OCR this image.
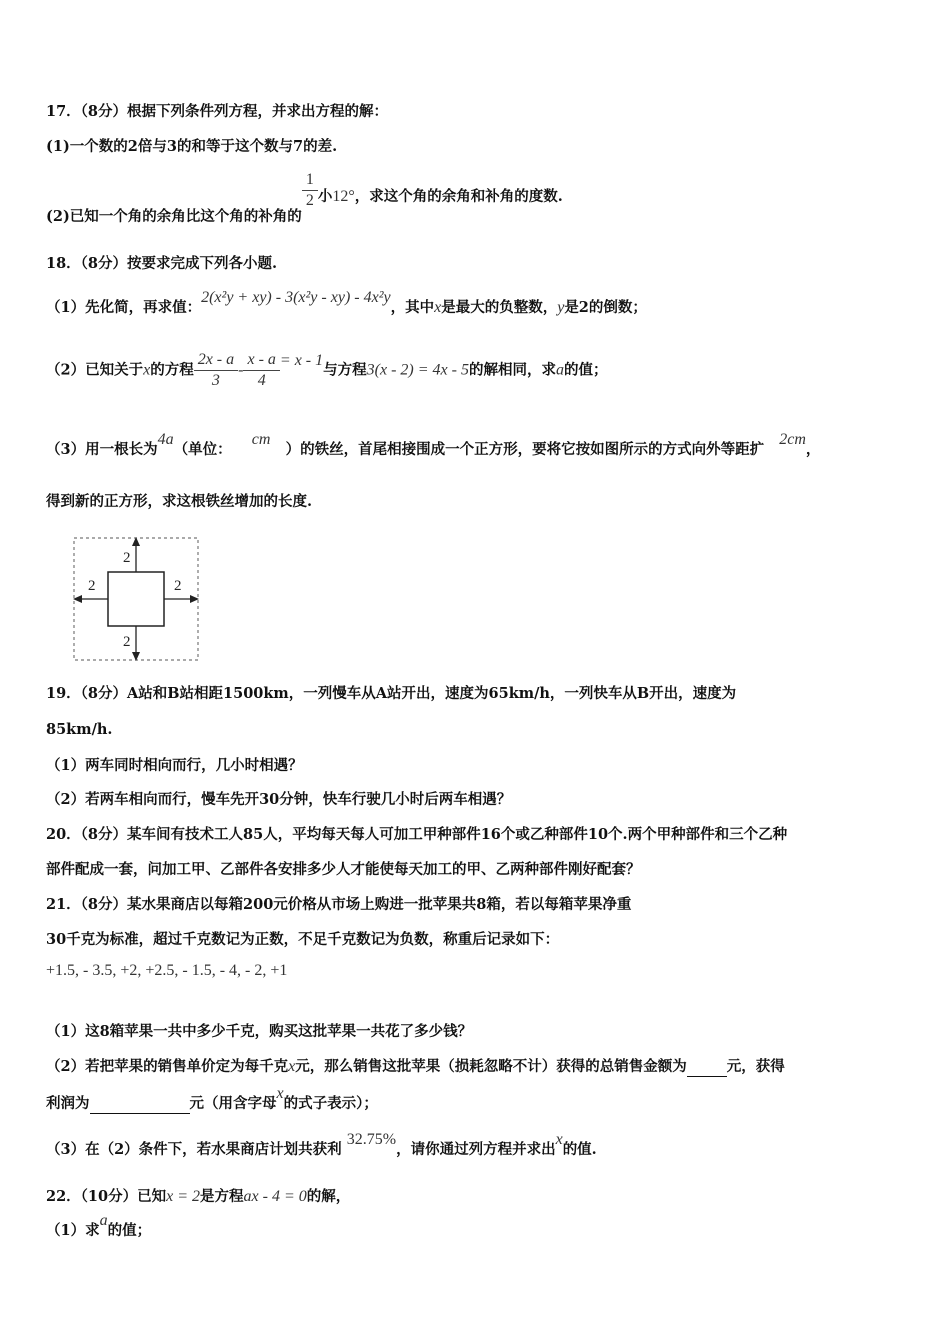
17．（8分）根据下列条件列方程，并求出方程的解：
(1)一个数的2倍与3的和等于这个数与7的差.
(2)已知一个角的余角比这个角的补角的
$\frac{1}{2}$ 小12°，求这个角的余角和补角的度数.
18．（8分）按要求完成下列各小题.
（1）先化简，再求值：2(x²y + xy) - 3(x²y - xy) - 4x²y，其中x是最大的负整数，y是2的倒数；
（2）已知关于x的方程 $\frac{2x - a}{3} - \frac{x - a}{4} = x - 1$与方程3(x - 2) = 4x - 5的解相同，求a的值；
（3）用一根长为4a（单位：    cm   ）的铁丝，首尾相接围成一个正方形，要将它按如图所示的方式向外等距扩   2cm，
得到新的正方形，求这根铁丝增加的长度.
2
2
2	2
19．（8分）A站和B站相距1500km，一列慢车从A站开出，速度为65km/h，一列快车从B开出，速度为
85km/h.
（1）两车同时相向而行，几小时相遇？
（2）若两车相向而行，慢车先开30分钟，快车行驶几小时后两车相遇？
20．（8分）某车间有技术工人85人，平均每天每人可加工甲种部件16个或乙种部件10个.两个甲种部件和三个乙种
部件配成一套，问加工甲、乙部件各安排多少人才能使每天加工的甲、乙两种部件刚好配套？
21．（8分）某水果商店以每箱200元价格从市场上购进一批苹果共8箱，若以每箱苹果净重
30千克为标准，超过千克数记为正数，不足千克数记为负数，称重后记录如下：
+1.5, - 3.5, +2, +2.5, - 1.5, - 4, - 2, +1
（1）这8箱苹果一共中多少千克，购买这批苹果一共花了多少钱？
（2）若把苹果的销售单价定为每千克x元，那么销售这批苹果（损耗忽略不计）获得的总销售金额为	元，获得
利润为	元（用含字母x的式子表示）；
（3）在（2）条件下，若水果商店计划共获利 32.75%，请你通过列方程并求出x的值.
22．（10分）已知x = 2是方程ax - 4 = 0的解，
（1）求a的值；
